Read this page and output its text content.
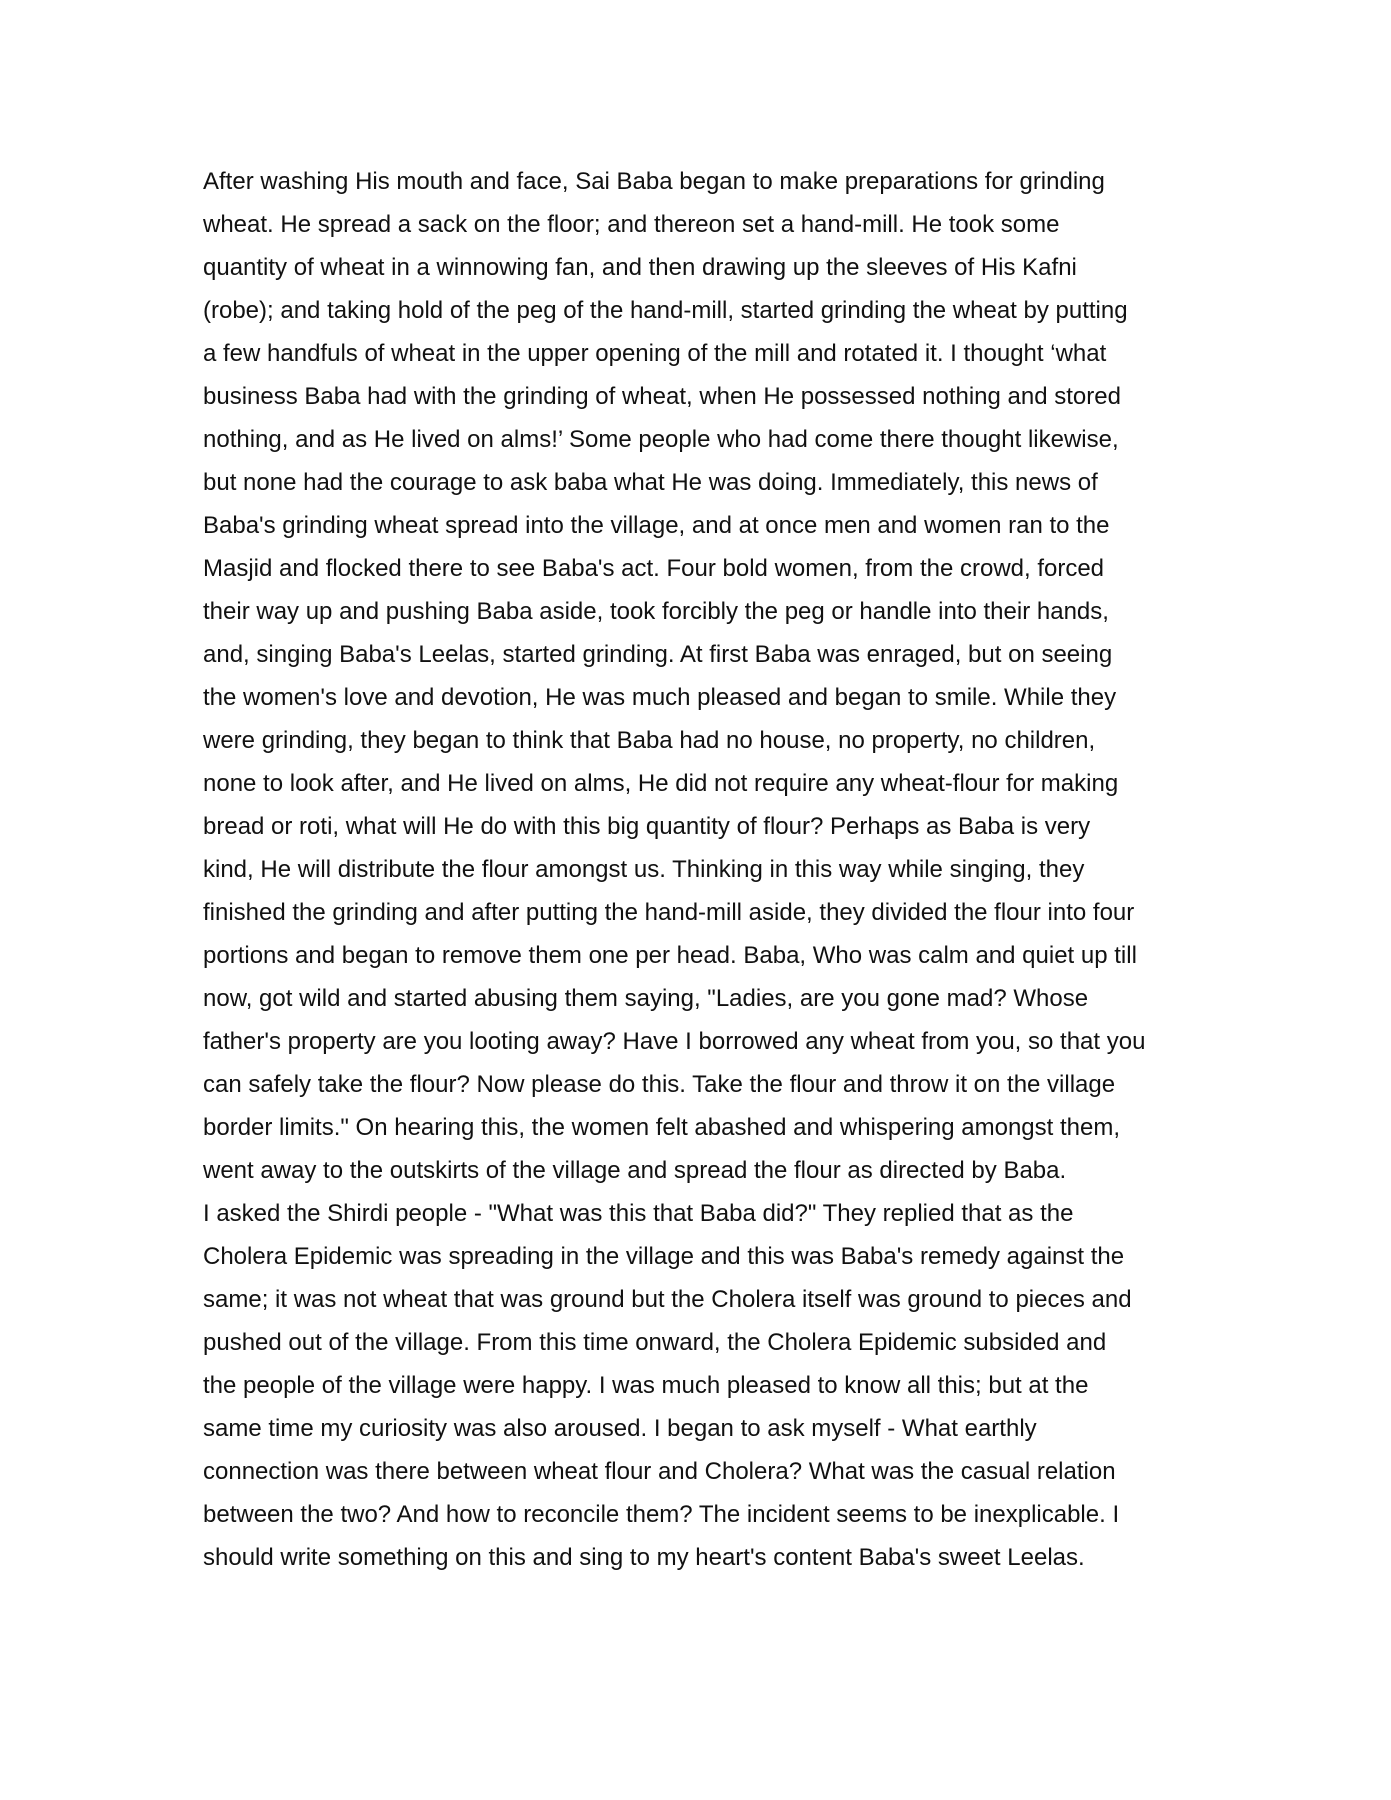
After washing His mouth and face, Sai Baba began to make preparations for grinding
wheat. He spread a sack on the floor; and thereon set a hand-mill. He took some
quantity of wheat in a winnowing fan, and then drawing up the sleeves of His Kafni
(robe); and taking hold of the peg of the hand-mill, started grinding the wheat by putting
a few handfuls of wheat in the upper opening of the mill and rotated it. I thought ‘what
business Baba had with the grinding of wheat, when He possessed nothing and stored
nothing, and as He lived on alms!’ Some people who had come there thought likewise,
but none had the courage to ask baba what He was doing. Immediately, this news of
Baba's grinding wheat spread into the village, and at once men and women ran to the
Masjid and flocked there to see Baba's act. Four bold women, from the crowd, forced
their way up and pushing Baba aside, took forcibly the peg or handle into their hands,
and, singing Baba's Leelas, started grinding. At first Baba was enraged, but on seeing
the women's love and devotion, He was much pleased and began to smile. While they
were grinding, they began to think that Baba had no house, no property, no children,
none to look after, and He lived on alms, He did not require any wheat-flour for making
bread or roti, what will He do with this big quantity of flour? Perhaps as Baba is very
kind, He will distribute the flour amongst us. Thinking in this way while singing, they
finished the grinding and after putting the hand-mill aside, they divided the flour into four
portions and began to remove them one per head. Baba, Who was calm and quiet up till
now, got wild and started abusing them saying, "Ladies, are you gone mad? Whose
father's property are you looting away? Have I borrowed any wheat from you, so that you
can safely take the flour? Now please do this. Take the flour and throw it on the village
border limits." On hearing this, the women felt abashed and whispering amongst them,
went away to the outskirts of the village and spread the flour as directed by Baba.
I asked the Shirdi people - "What was this that Baba did?" They replied that as the
Cholera Epidemic was spreading in the village and this was Baba's remedy against the
same; it was not wheat that was ground but the Cholera itself was ground to pieces and
pushed out of the village. From this time onward, the Cholera Epidemic subsided and
the people of the village were happy. I was much pleased to know all this; but at the
same time my curiosity was also aroused. I began to ask myself - What earthly
connection was there between wheat flour and Cholera? What was the casual relation
between the two? And how to reconcile them? The incident seems to be inexplicable. I
should write something on this and sing to my heart's content Baba's sweet Leelas.
